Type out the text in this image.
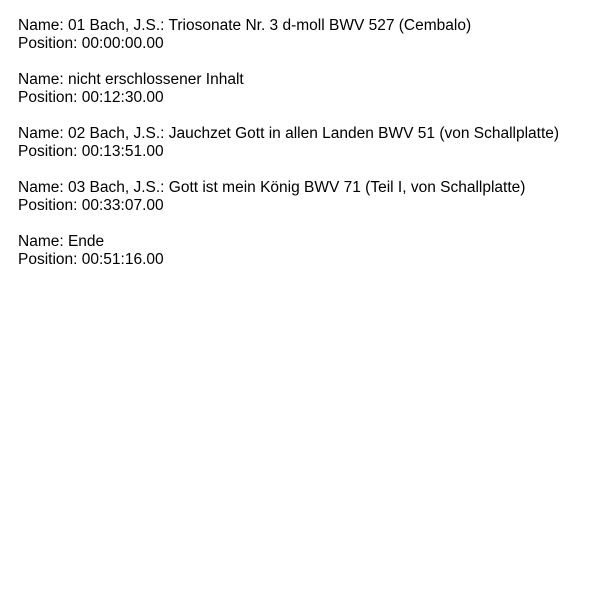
Name: 01 Bach, J.S.: Triosonate Nr. 3 d-moll BWV 527 (Cembalo)
Position: 00:00:00.00
Name: nicht erschlossener Inhalt
Position: 00:12:30.00
Name: 02 Bach, J.S.: Jauchzet Gott in allen Landen BWV 51 (von Schallplatte)
Position: 00:13:51.00
Name: 03 Bach, J.S.: Gott ist mein König BWV 71 (Teil I, von Schallplatte)
Position: 00:33:07.00
Name: Ende
Position: 00:51:16.00
